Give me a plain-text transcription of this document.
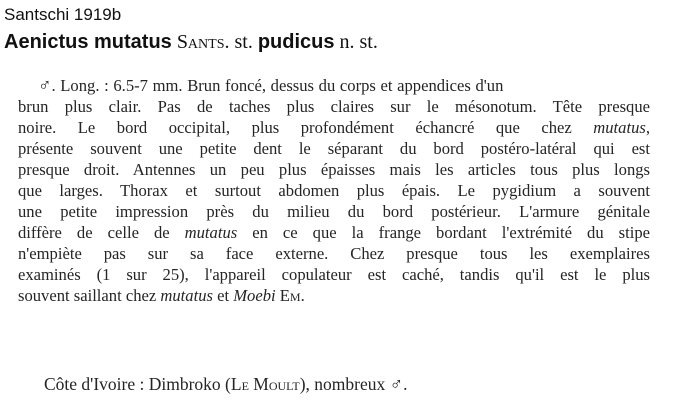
Santschi 1919b
Aenictus mutatus Sants. st. pudicus n. st.
♂. Long. : 6.5-7 mm. Brun foncé, dessus du corps et appendices d'un
brun plus clair. Pas de taches plus claires sur le mésonotum. Tête presque
noire. Le bord occipital, plus profondément échancré que chez mutatus,
présente souvent une petite dent le séparant du bord postéro-latéral qui est
presque droit. Antennes un peu plus épaisses mais les articles tous plus longs
que larges. Thorax et surtout abdomen plus épais. Le pygidium a souvent
une petite impression près du milieu du bord postérieur. L'armure génitale
diffère de celle de mutatus en ce que la frange bordant l'extrémité du stipe
n'empiète pas sur sa face externe. Chez presque tous les exemplaires
examinés (1 sur 25), l'appareil copulateur est caché, tandis qu'il est le plus
souvent saillant chez mutatus et Moebi Em.
Côte d'Ivoire : Dimbroko (Le Moult), nombreux ♂.
